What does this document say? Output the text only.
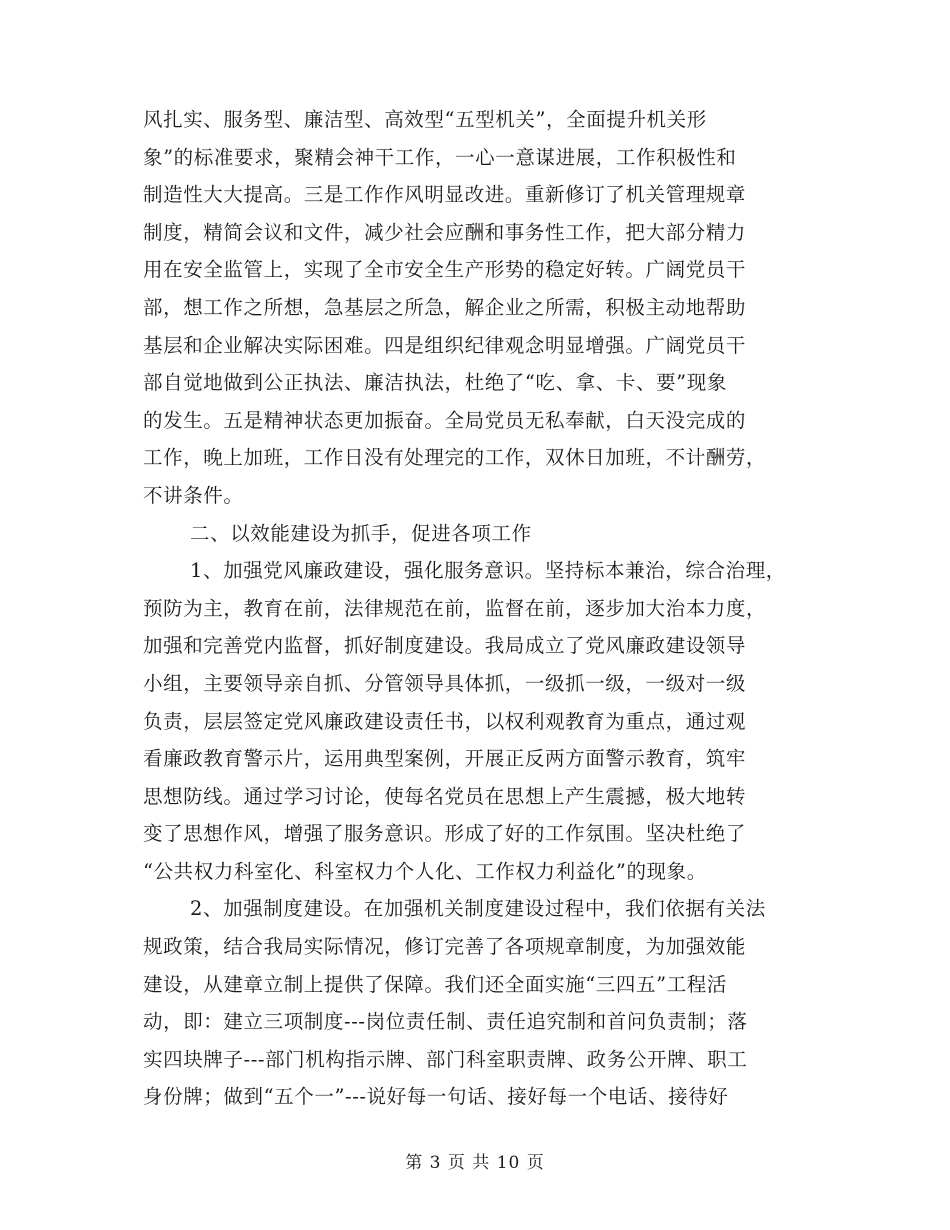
风扎实、服务型、廉洁型、高效型“五型机关”，全面提升机关形
象”的标准要求，聚精会神干工作，一心一意谋进展，工作积极性和
制造性大大提高。三是工作作风明显改进。重新修订了机关管理规章
制度，精简会议和文件，减少社会应酬和事务性工作，把大部分精力
用在安全监管上，实现了全市安全生产形势的稳定好转。广阔党员干
部，想工作之所想，急基层之所急，解企业之所需，积极主动地帮助
基层和企业解决实际困难。四是组织纪律观念明显增强。广阔党员干
部自觉地做到公正执法、廉洁执法，杜绝了“吃、拿、卡、要”现象
的发生。五是精神状态更加振奋。全局党员无私奉献，白天没完成的
工作，晚上加班，工作日没有处理完的工作，双休日加班，不计酬劳，
不讲条件。
二、以效能建设为抓手，促进各项工作
1、加强党风廉政建设，强化服务意识。坚持标本兼治，综合治理，
预防为主，教育在前，法律规范在前，监督在前，逐步加大治本力度，
加强和完善党内监督，抓好制度建设。我局成立了党风廉政建设领导
小组，主要领导亲自抓、分管领导具体抓，一级抓一级，一级对一级
负责，层层签定党风廉政建设责任书，以权利观教育为重点，通过观
看廉政教育警示片，运用典型案例，开展正反两方面警示教育，筑牢
思想防线。通过学习讨论，使每名党员在思想上产生震撼，极大地转
变了思想作风，增强了服务意识。形成了好的工作氛围。坚决杜绝了
“公共权力科室化、科室权力个人化、工作权力利益化”的现象。
2、加强制度建设。在加强机关制度建设过程中，我们依据有关法
规政策，结合我局实际情况，修订完善了各项规章制度，为加强效能
建设，从建章立制上提供了保障。我们还全面实施“三四五”工程活
动，即：建立三项制度---岗位责任制、责任追究制和首问负责制；落
实四块牌子---部门机构指示牌、部门科室职责牌、政务公开牌、职工
身份牌；做到“五个一”---说好每一句话、接好每一个电话、接待好
第 3 页 共 10 页
